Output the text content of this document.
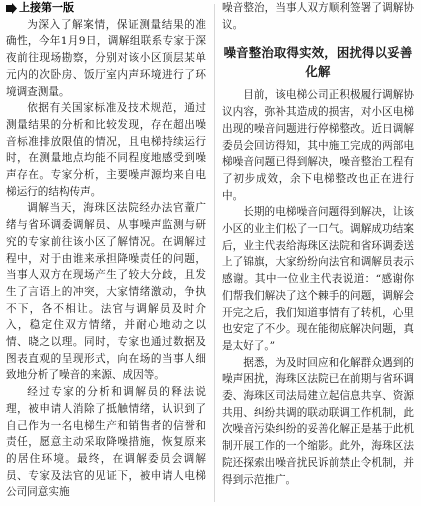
上接第一版

为深入了解案情，保证测量结果的准确性，今年1月9日，调解组联系专家于深夜前往现场勘察，分别对该小区顶层某单元内的次卧房、饭厅室内声环境进行了环境调查测量。

依据有关国家标准及技术规范，通过测量结果的分析和比较发现，存在超出噪音标准排放限值的情况，且电梯持续运行时，在测量地点均能不同程度地感受到噪声存在。专家分析，主要噪声源均来自电梯运行的结构传声。

调解当天，海珠区法院经办法官蕫广绪与省环调委调解员、从事噪声监测与研究的专家前往该小区了解情况。在调解过程中，对于由谁来承担降噪责任的问题，当事人双方在现场产生了较大分歧，且发生了言语上的冲突，大家情绪激动，争执不下，各不相让。法官与调解员及时介入，稳定住双方情绪，并耐心地动之以情、晓之以理。同时，专家也通过数据及图表直观的呈现形式，向在场的当事人细致地分析了噪音的来源、成因等。

经过专家的分析和调解员的释法说理，被申请人消除了抵触情绪，认识到了自己作为一名电梯生产和销售者的信誉和责任，愿意主动采取降噪措施，恢复原来的居住环境。最终，在调解委员会调解员、专家及法官的见证下，被申请人电梯公司同意实施

噪音整治，当事人双方顺利签署了调解协议。

噪音整治取得实效，困扰得以妥善化解

目前，该电梯公司正积极履行调解协议内容，弥补其造成的损害，对小区电梯出现的噪音问题进行停梯整改。近日调解委员会回访得知，其中施工完成的两部电梯噪音问题已得到解决，噪音整治工程有了初步成效，余下电梯整改也正在进行中。

长期的电梯噪音问题得到解决，让该小区的业主们松了一口气。调解成功结案后，业主代表给海珠区法院和省环调委送上了锦旗，大家纷纷向法官和调解员表示感谢。其中一位业主代表说道：“感谢你们帮我们解决了这个棘手的问题，调解会开完之后，我们知道事情有了转机，心里也安定了不少。现在能彻底解决问题，真是太好了。”

据悉，为及时回应和化解群众遇到的噪声困扰，海珠区法院已在前期与省环调委、海珠区司法局建立起信息共享、资源共用、纠纷共调的联动联调工作机制，此次噪音污染纠纷的妥善化解正是基于此机制开展工作的一个缩影。此外，海珠区法院还探索出噪音扰民诉前禁止令机制，并得到示范推广。
